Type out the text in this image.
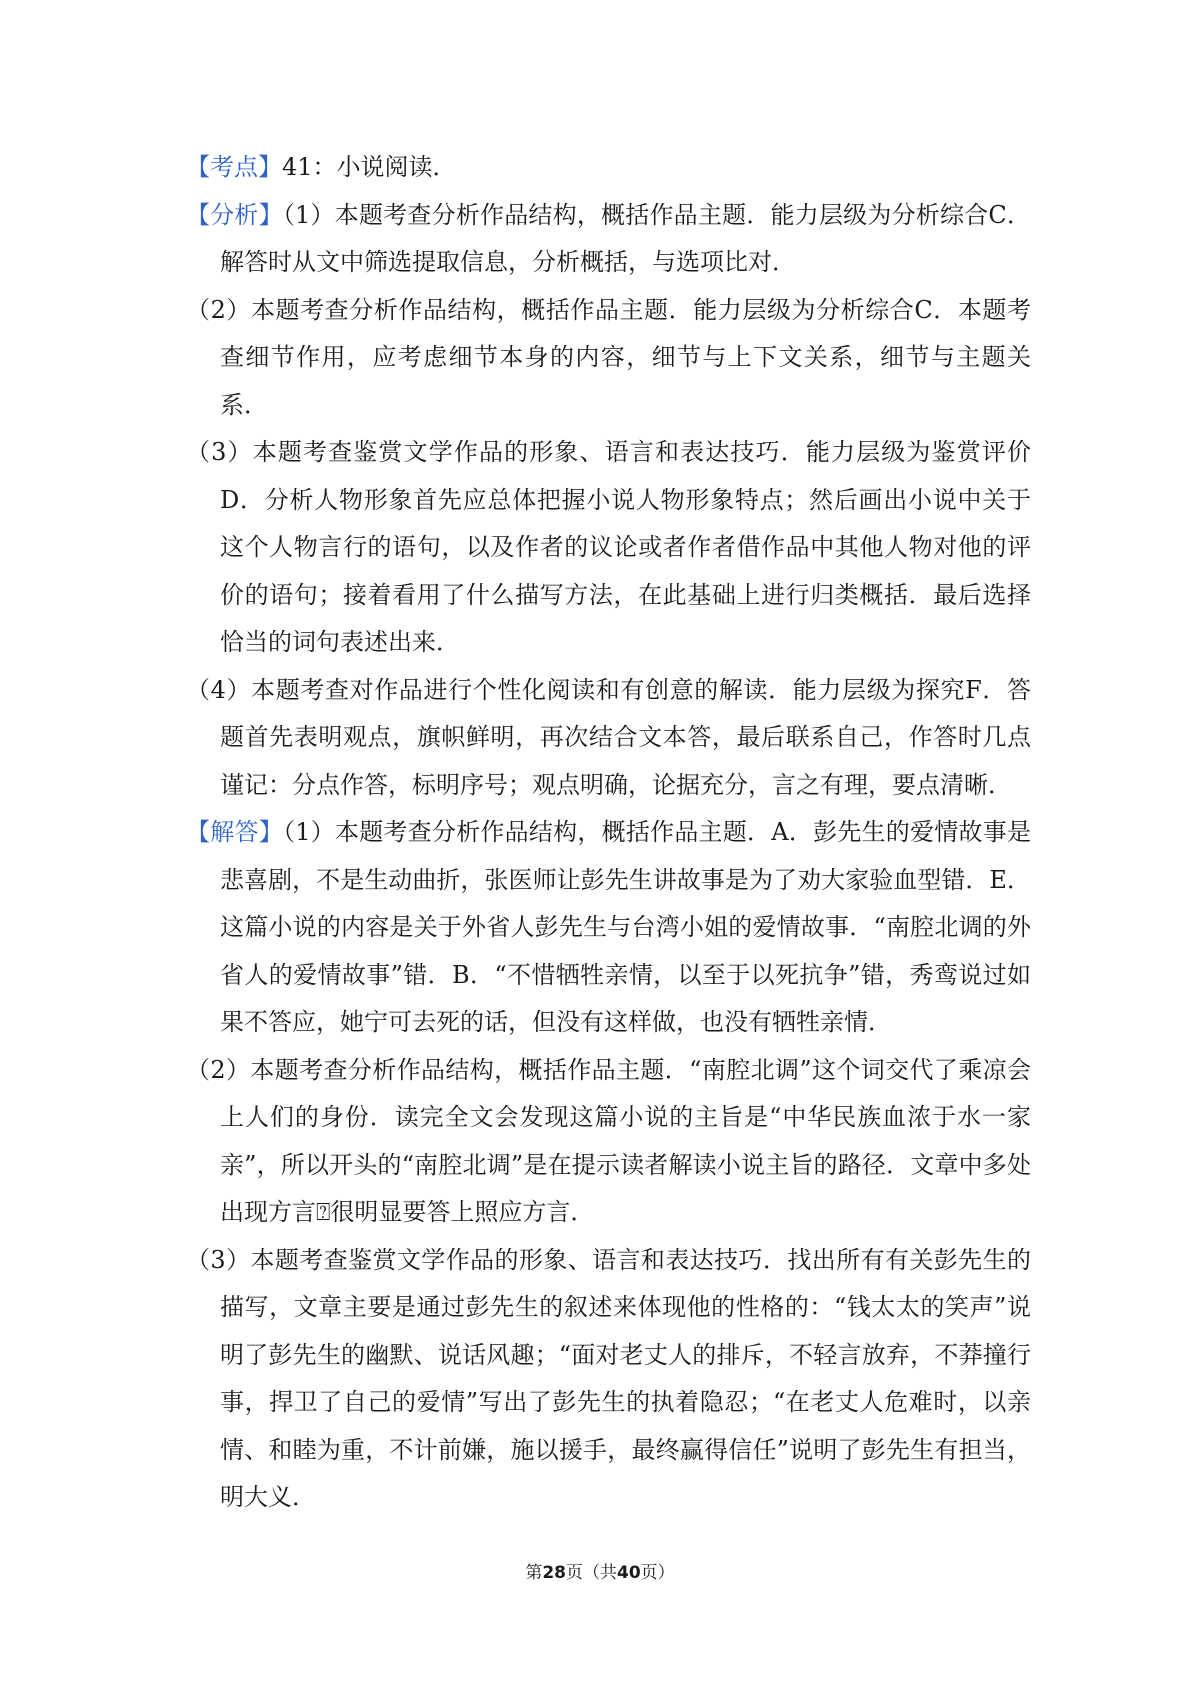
【考点】41：小说阅读．

【分析】（1）本题考查分析作品结构，概括作品主题．能力层级为分析综合C．解答时从文中筛选提取信息，分析概括，与选项比对．

（2）本题考查分析作品结构，概括作品主题．能力层级为分析综合C．本题考查细节作用，应考虑细节本身的内容，细节与上下文关系，细节与主题关系．

（3）本题考查鉴赏文学作品的形象、语言和表达技巧．能力层级为鉴赏评价D．分析人物形象首先应总体把握小说人物形象特点；然后画出小说中关于这个人物言行的语句，以及作者的议论或者作者借作品中其他人物对他的评价的语句；接着看用了什么描写方法，在此基础上进行归类概括．最后选择恰当的词句表述出来．

（4）本题考查对作品进行个性化阅读和有创意的解读．能力层级为探究F．答题首先表明观点，旗帜鲜明，再次结合文本答，最后联系自己，作答时几点谨记：分点作答，标明序号；观点明确，论据充分，言之有理，要点清晰．

【解答】（1）本题考查分析作品结构，概括作品主题．A．彭先生的爱情故事是悲喜剧，不是生动曲折，张医师让彭先生讲故事是为了劝大家验血型错．E．这篇小说的内容是关于外省人彭先生与台湾小姐的爱情故事．“南腔北调的外省人的爱情故事”错．B．“不惜牺牲亲情，以至于以死抗争”错，秀鸾说过如果不答应，她宁可去死的话，但没有这样做，也没有牺牲亲情．

（2）本题考查分析作品结构，概括作品主题．“南腔北调”这个词交代了乘凉会上人们的身份．读完全文会发现这篇小说的主旨是“中华民族血浓于水一家亲”，所以开头的“南腔北调”是在提示读者解读小说主旨的路径．文章中多处出现方言⍰很明显要答上照应方言．

（3）本题考查鉴赏文学作品的形象、语言和表达技巧．找出所有有关彭先生的描写，文章主要是通过彭先生的叙述来体现他的性格的：“钱太太的笑声”说明了彭先生的幽默、说话风趣；“面对老丈人的排斥，不轻言放弃，不莽撞行事，捍卫了自己的爱情”写出了彭先生的执着隐忍；“在老丈人危难时，以亲情、和睦为重，不计前嫌，施以援手，最终赢得信任”说明了彭先生有担当，明大义．

第28页（共40页）
